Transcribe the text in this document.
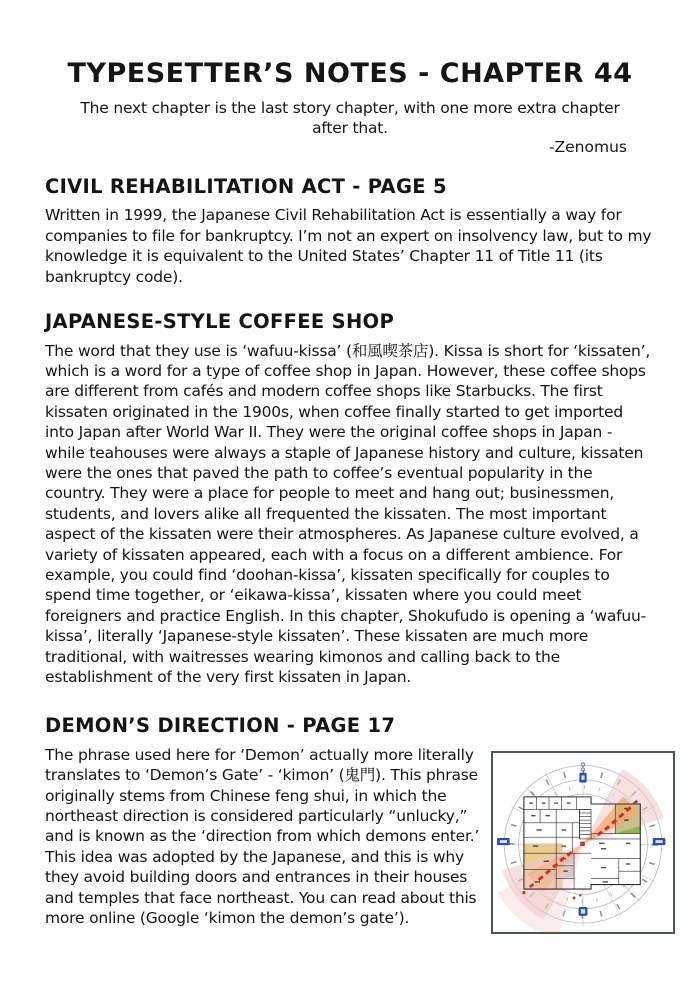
TYPESETTER’S NOTES - CHAPTER 44

The next chapter is the last story chapter, with one more extra chapter after that.

-Zenomus

CIVIL REHABILITATION ACT - PAGE 5

Written in 1999, the Japanese Civil Rehabilitation Act is essentially a way for companies to file for bankruptcy. I’m not an expert on insolvency law, but to my knowledge it is equivalent to the United States’ Chapter 11 of Title 11 (its bankruptcy code).

JAPANESE-STYLE COFFEE SHOP

The word that they use is ‘wafuu-kissa’ (和風喫茶店). Kissa is short for ‘kissaten’, which is a word for a type of coffee shop in Japan. However, these coffee shops are different from cafés and modern coffee shops like Starbucks. The first kissaten originated in the 1900s, when coffee finally started to get imported into Japan after World War II. They were the original coffee shops in Japan - while teahouses were always a staple of Japanese history and culture, kissaten were the ones that paved the path to coffee’s eventual popularity in the country. They were a place for people to meet and hang out; businessmen, students, and lovers alike all frequented the kissaten. The most important aspect of the kissaten were their atmospheres. As Japanese culture evolved, a variety of kissaten appeared, each with a focus on a different ambience. For example, you could find ‘doohan-kissa’, kissaten specifically for couples to spend time together, or ‘eikawa-kissa’, kissaten where you could meet foreigners and practice English. In this chapter, Shokufudo is opening a ‘wafuu-kissa’, literally ‘Japanese-style kissaten’. These kissaten are much more traditional, with waitresses wearing kimonos and calling back to the establishment of the very first kissaten in Japan.

DEMON’S DIRECTION - PAGE 17

The phrase used here for ‘Demon’ actually more literally translates to ‘Demon’s Gate’ - ‘kimon’ (鬼門). This phrase originally stems from Chinese feng shui, in which the northeast direction is considered particularly “unlucky,” and is known as the ‘direction from which demons enter.’ This idea was adopted by the Japanese, and this is why they avoid building doors and entrances in their houses and temples that face northeast. You can read about this more online (Google ‘kimon the demon’s gate’).
